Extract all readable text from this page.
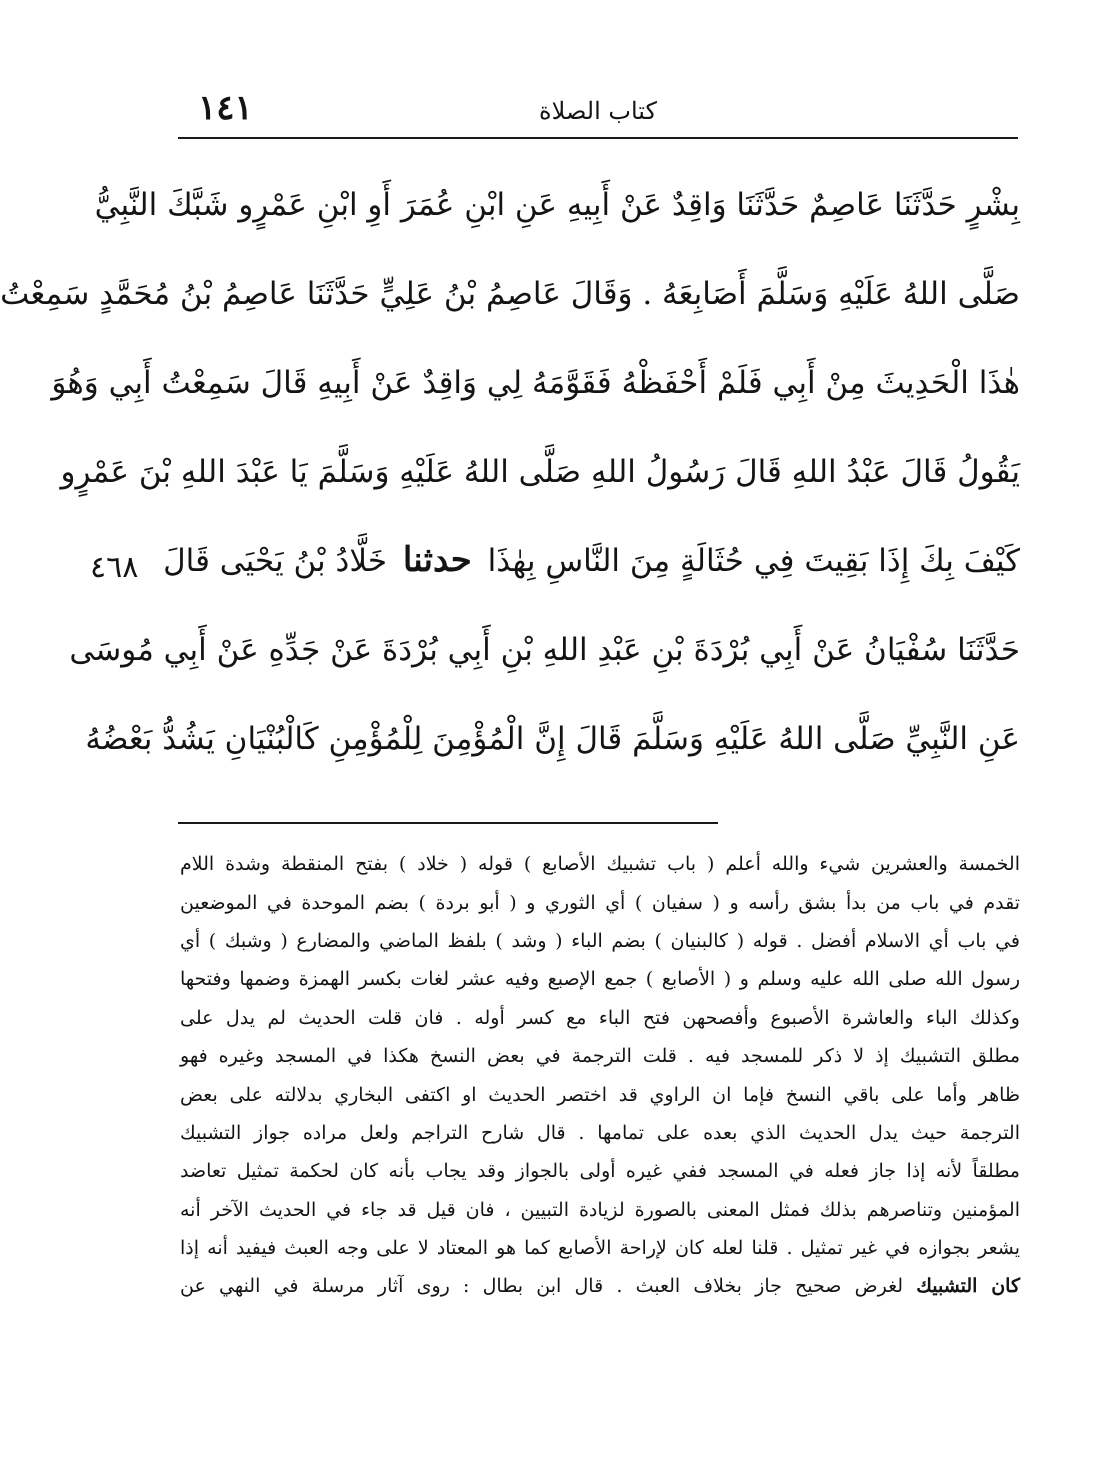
١٤١	كتاب الصلاة
٤٦٨
بِشْرٍ حَدَّثَنَا عَاصِمٌ حَدَّثَنَا وَاقِدٌ عَنْ أَبِيهِ عَنِ ابْنِ عُمَرَ أَوِ ابْنِ عَمْرٍو شَبَّكَ النَّبِيُّ
صَلَّى اللهُ عَلَيْهِ وَسَلَّمَ أَصَابِعَهُ . وَقَالَ عَاصِمُ بْنُ عَلِيٍّ حَدَّثَنَا عَاصِمُ بْنُ مُحَمَّدٍ سَمِعْتُ
هٰذَا الْحَدِيثَ مِنْ أَبِي فَلَمْ أَحْفَظْهُ فَقَوَّمَهُ لِي وَاقِدٌ عَنْ أَبِيهِ قَالَ سَمِعْتُ أَبِي وَهُوَ
يَقُولُ قَالَ عَبْدُ اللهِ قَالَ رَسُولُ اللهِ صَلَّى اللهُ عَلَيْهِ وَسَلَّمَ يَا عَبْدَ اللهِ بْنَ عَمْرٍو
كَيْفَ بِكَ إِذَا بَقِيتَ فِي حُثَالَةٍ مِنَ النَّاسِ بِهٰذَا حدثنا خَلَّادُ بْنُ يَحْيَى قَالَ
حَدَّثَنَا سُفْيَانُ عَنْ أَبِي بُرْدَةَ بْنِ عَبْدِ اللهِ بْنِ أَبِي بُرْدَةَ عَنْ جَدِّهِ عَنْ أَبِي مُوسَى
عَنِ النَّبِيِّ صَلَّى اللهُ عَلَيْهِ وَسَلَّمَ قَالَ إِنَّ الْمُؤْمِنَ لِلْمُؤْمِنِ كَالْبُنْيَانِ يَشُدُّ بَعْضُهُ
الخمسة والعشرين شيء والله أعلم ( باب تشبيك الأصابع ) قوله ( خلاد ) بفتح المنقطة وشدة اللام
تقدم في باب من بدأ بشق رأسه و ( سفيان ) أي الثوري و ( أبو بردة ) بضم الموحدة في الموضعين
في باب أي الاسلام أفضل . قوله ( كالبنيان ) بضم الباء ( وشد ) بلفظ الماضي والمضارع ( وشبك ) أي
رسول الله صلى الله عليه وسلم و ( الأصابع ) جمع الإصبع وفيه عشر لغات بكسر الهمزة وضمها وفتحها
وكذلك الباء والعاشرة الأصبوع وأفصحهن فتح الباء مع كسر أوله . فان قلت الحديث لم يدل على
مطلق التشبيك إذ لا ذكر للمسجد فيه . قلت الترجمة في بعض النسخ هكذا في المسجد وغيره فهو
ظاهر وأما على باقي النسخ فإما ان الراوي قد اختصر الحديث او اكتفى البخاري بدلالته على بعض
الترجمة حيث يدل الحديث الذي بعده على تمامها . قال شارح التراجم ولعل مراده جواز التشبيك
مطلقاً لأنه إذا جاز فعله في المسجد ففي غيره أولى بالجواز وقد يجاب بأنه كان لحكمة تمثيل تعاضد
المؤمنين وتناصرهم بذلك فمثل المعنى بالصورة لزيادة التبيين ، فان قيل قد جاء في الحديث الآخر أنه
يشعر بجوازه في غير تمثيل . قلنا لعله كان لإراحة الأصابع كما هو المعتاد لا على وجه العبث فيفيد أنه إذا
كان التشبيك لغرض صحيح جاز بخلاف العبث . قال ابن بطال : روى آثار مرسلة في النهي عن
